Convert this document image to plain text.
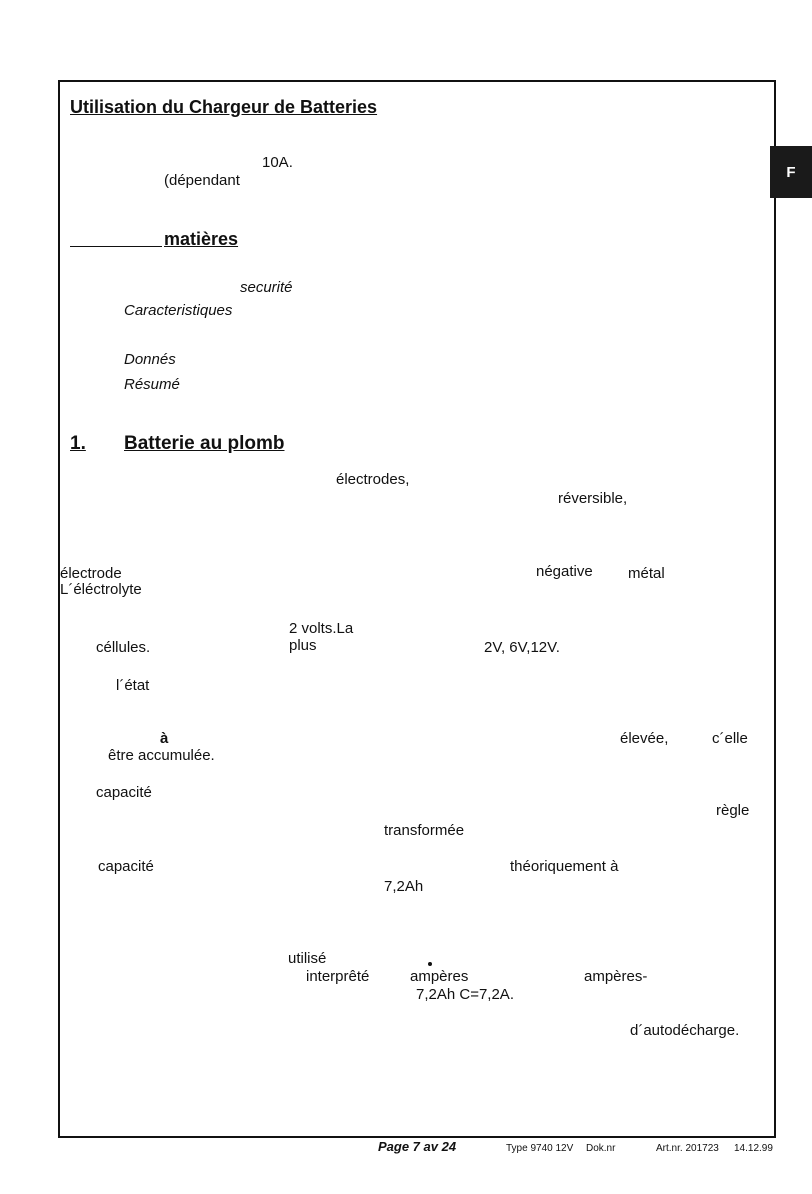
F
Utilisation du Chargeur de Batteries
10A.
(dépendant
matières
securité
Caracteristiques
Donnés
Résumé
1. Batterie au plomb
électrodes,
réversible,
électrode	négative métal
L´éléctrolyte
2 volts.La
céllules.	plus	2V, 6V,12V.
l´état
à	élevée,	c´elle
être accumulée.
capacité
règle
transformée
capacité	théoriquement à
7,2Ah
utilisé
interprêté	ampères	ampères-
7,2Ah C=7,2A.
d´autodécharge.
Page 7 av 24	Type 9740 12V Dok.nr	Art.nr. 201723 14.12.99
